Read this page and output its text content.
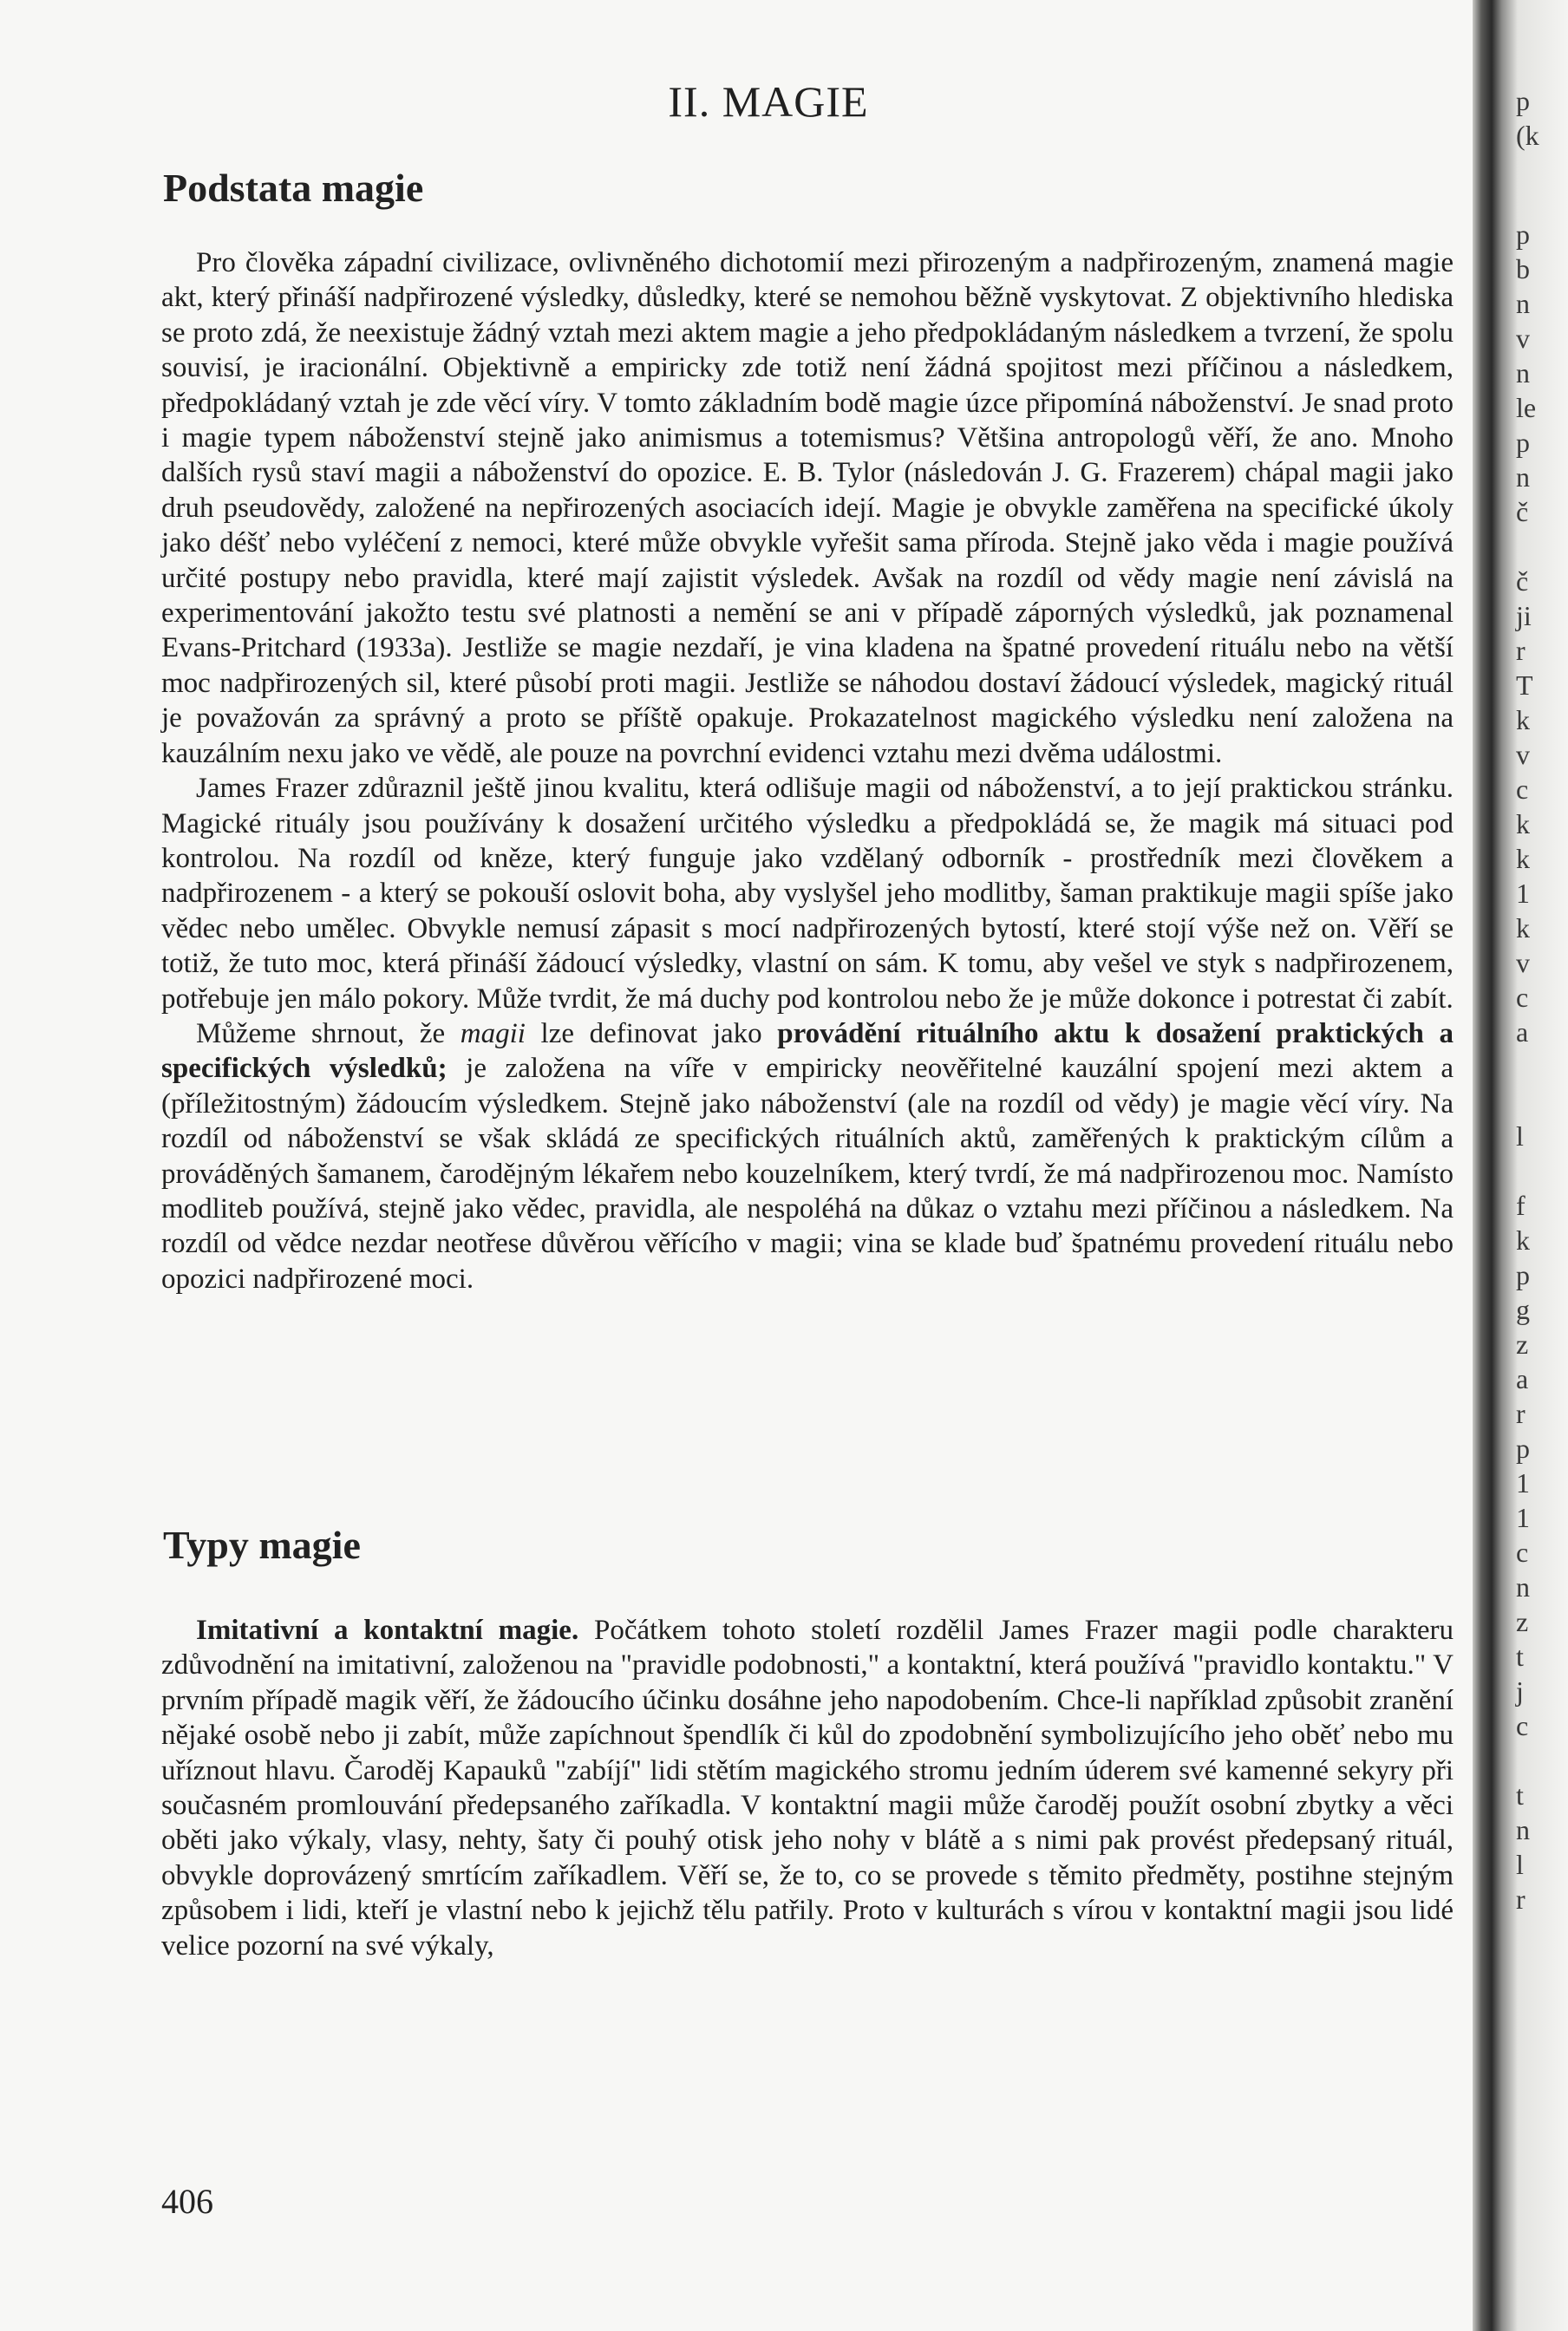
II. MAGIE
Podstata magie

Pro člověka západní civilizace, ovlivněného dichotomií mezi přirozeným a nadpřirozeným, znamená magie akt, který přináší nadpřirozené výsledky, důsledky, které se nemohou běžně vyskytovat. Z objektivního hlediska se proto zdá, že neexistuje žádný vztah mezi aktem magie a jeho předpokládaným následkem a tvrzení, že spolu souvisí, je iracionální. Objektivně a empiricky zde totiž není žádná spojitost mezi příčinou a následkem, předpokládaný vztah je zde věcí víry. V tomto základním bodě magie úzce připomíná náboženství. Je snad proto i magie typem náboženství stejně jako animismus a totemismus? Většina antropologů věří, že ano. Mnoho dalších rysů staví magii a náboženství do opozice. E. B. Tylor (následován J. G. Frazerem) chápal magii jako druh pseudovědy, založené na nepřirozených asociacích idejí. Magie je obvykle zaměřena na specifické úkoly jako déšť nebo vyléčení z nemoci, které může obvykle vyřešit sama příroda. Stejně jako věda i magie používá určité postupy nebo pravidla, které mají zajistit výsledek. Avšak na rozdíl od vědy magie není závislá na experimentování jakožto testu své platnosti a nemění se ani v případě záporných výsledků, jak poznamenal Evans-Pritchard (1933a). Jestliže se magie nezdaří, je vina kladena na špatné provedení rituálu nebo na větší moc nadpřirozených sil, které působí proti magii. Jestliže se náhodou dostaví žádoucí výsledek, magický rituál je považován za správný a proto se příště opakuje. Prokazatelnost magického výsledku není založena na kauzálním nexu jako ve vědě, ale pouze na povrchní evidenci vztahu mezi dvěma událostmi.

James Frazer zdůraznil ještě jinou kvalitu, která odlišuje magii od náboženství, a to její praktickou stránku. Magické rituály jsou používány k dosažení určitého výsledku a předpokládá se, že magik má situaci pod kontrolou. Na rozdíl od kněze, který funguje jako vzdělaný odborník - prostředník mezi člověkem a nadpřirozenem - a který se pokouší oslovit boha, aby vyslyšel jeho modlitby, šaman praktikuje magii spíše jako vědec nebo umělec. Obvykle nemusí zápasit s mocí nadpřirozených bytostí, které stojí výše než on. Věří se totiž, že tuto moc, která přináší žádoucí výsledky, vlastní on sám. K tomu, aby vešel ve styk s nadpřirozenem, potřebuje jen málo pokory. Může tvrdit, že má duchy pod kontrolou nebo že je může dokonce i potrestat či zabít.

Můžeme shrnout, že magii lze definovat jako provádění rituálního aktu k dosažení praktických a specifických výsledků; je založena na víře v empiricky neověřitelné kauzální spojení mezi aktem a (příležitostným) žádoucím výsledkem. Stejně jako náboženství (ale na rozdíl od vědy) je magie věcí víry. Na rozdíl od náboženství se však skládá ze specifických rituálních aktů, zaměřených k praktickým cílům a prováděných šamanem, čarodějným lékařem nebo kouzelníkem, který tvrdí, že má nadpřirozenou moc. Namísto modliteb používá, stejně jako vědec, pravidla, ale nespoléhá na důkaz o vztahu mezi příčinou a následkem. Na rozdíl od vědce nezdar neotřese důvěrou věřícího v magii; vina se klade buď špatnému provedení rituálu nebo opozici nadpřirozené moci.

Typy magie

Imitativní a kontaktní magie. Počátkem tohoto století rozdělil James Frazer magii podle charakteru zdůvodnění na imitativní, založenou na "pravidle podobnosti," a kontaktní, která používá "pravidlo kontaktu." V prvním případě magik věří, že žádoucího účinku dosáhne jeho napodobením. Chce-li například způsobit zranění nějaké osobě nebo ji zabít, může zapíchnout špendlík či kůl do zpodobnění symbolizujícího jeho oběť nebo mu uříznout hlavu. Čaroděj Kapauků "zabíjí" lidi stětím magického stromu jedním úderem své kamenné sekyry při současném promlouvání předepsaného zaříkadla. V kontaktní magii může čaroděj použít osobní zbytky a věci oběti jako výkaly, vlasy, nehty, šaty či pouhý otisk jeho nohy v blátě a s nimi pak provést předepsaný rituál, obvykle doprovázený smrtícím zaříkadlem. Věří se, že to, co se provede s těmito předměty, postihne stejným způsobem i lidi, kteří je vlastní nebo k jejichž tělu patřily. Proto v kulturách s vírou v kontaktní magii jsou lidé velice pozorní na své výkaly,

406
p
(k
p
b
n
v
n
le
p
n
č

č
ji
r
T
k
v
c
k
k
1
k
v
c
a
l

f
k
p
g
z
a
r
p
1
1
c
n
z
t
j
c

t
n
l
r
